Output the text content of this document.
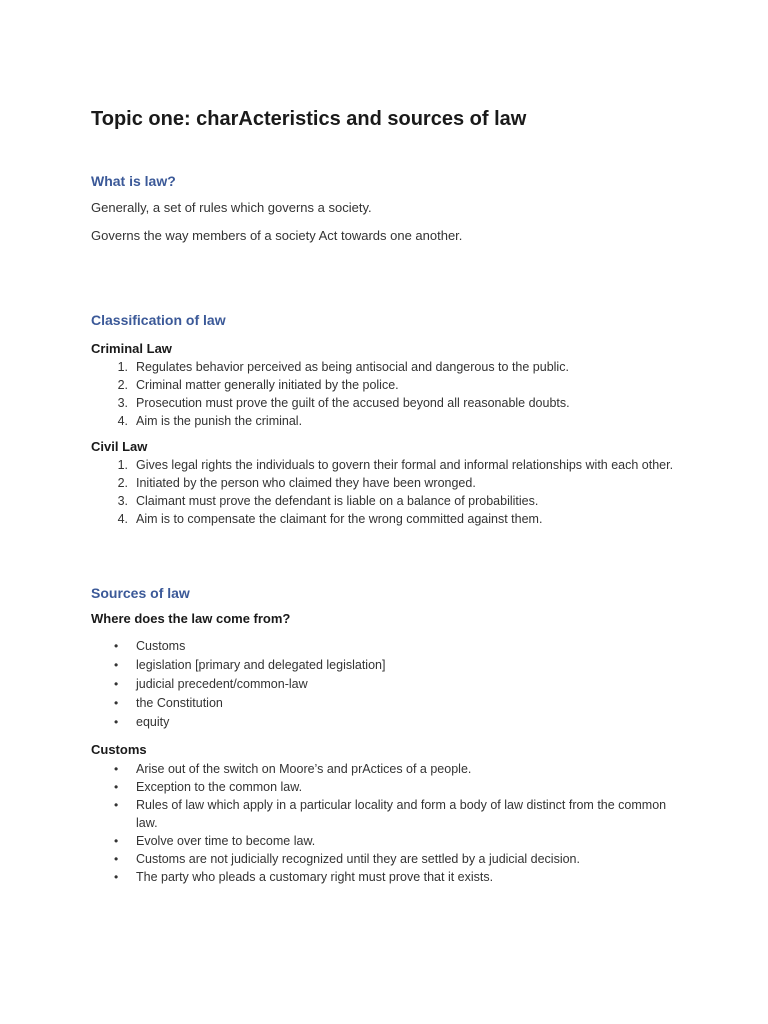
Topic one: charActeristics and sources of law
What is law?

Generally, a set of rules which governs a society.

Governs the way members of a society Act towards one another.

Classification of law
Criminal Law
1. Regulates behavior perceived as being antisocial and dangerous to the public.
2. Criminal matter generally initiated by the police.
3. Prosecution must prove the guilt of the accused beyond all reasonable doubts.
4. Aim is the punish the criminal.
Civil Law
1. Gives legal rights the individuals to govern their formal and informal relationships with each other.
2. Initiated by the person who claimed they have been wronged.
3. Claimant must prove the defendant is liable on a balance of probabilities.
4. Aim is to compensate the claimant for the wrong committed against them.
Sources of law
Where does the law come from?
• Customs
• legislation [primary and delegated legislation]
• judicial precedent/common-law
• the Constitution
• equity
Customs
• Arise out of the switch on Moore’s and prActices of a people.
• Exception to the common law.
• Rules of law which apply in a particular locality and form a body of law distinct from the common law.
• Evolve over time to become law.
• Customs are not judicially recognized until they are settled by a judicial decision.
• The party who pleads a customary right must prove that it exists.
